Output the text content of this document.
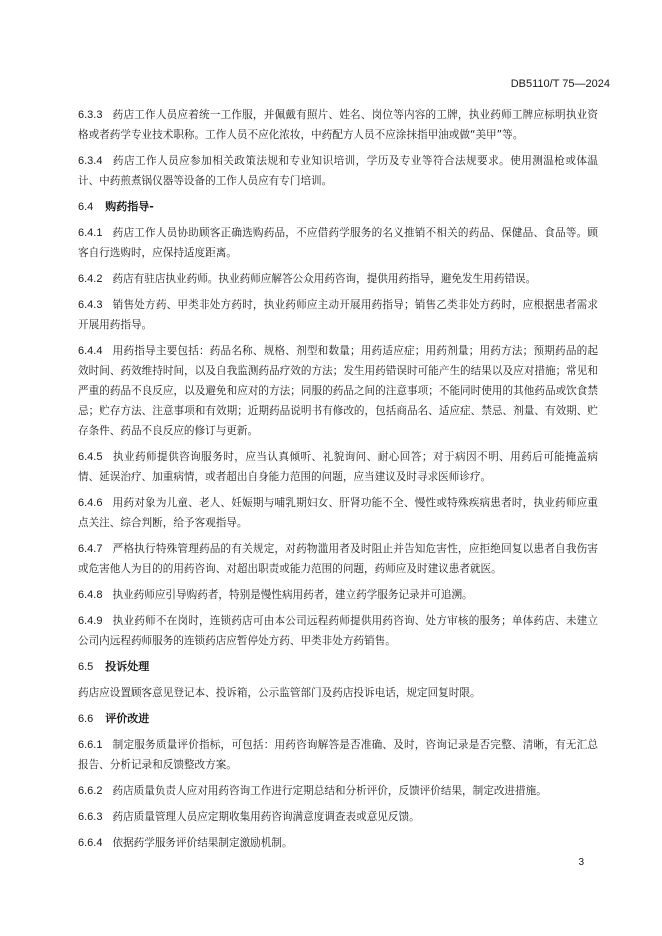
DB5110/T 75—2024

6.3.3 药店工作人员应着统一工作服，并佩戴有照片、姓名、岗位等内容的工牌，执业药师工牌应标明执业资格或者药学专业技术职称。工作人员不应化浓妆，中药配方人员不应涂抹指甲油或做“美甲”等。

6.3.4 药店工作人员应参加相关政策法规和专业知识培训，学历及专业等符合法规要求。使用测温枪或体温计、中药煎煮锅仪器等设备的工作人员应有专门培训。

6.4 购药指导-

6.4.1 药店工作人员协助顾客正确选购药品，不应借药学服务的名义推销不相关的药品、保健品、食品等。顾客自行选购时，应保持适度距离。

6.4.2 药店有驻店执业药师。执业药师应解答公众用药咨询，提供用药指导，避免发生用药错误。

6.4.3 销售处方药、甲类非处方药时，执业药师应主动开展用药指导；销售乙类非处方药时，应根据患者需求开展用药指导。

6.4.4 用药指导主要包括：药品名称、规格、剂型和数量；用药适应症；用药剂量；用药方法；预期药品的起效时间、药效维持时间，以及自我监测药品疗效的方法；发生用药错误时可能产生的结果以及应对措施；常见和严重的药品不良反应，以及避免和应对的方法；同服的药品之间的注意事项；不能同时使用的其他药品或饮食禁忌；贮存方法、注意事项和有效期；近期药品说明书有修改的，包括商品名、适应症、禁忌、剂量、有效期、贮存条件、药品不良反应的修订与更新。

6.4.5 执业药师提供咨询服务时，应当认真倾听、礼貌询问、耐心回答；对于病因不明、用药后可能掩盖病情、延误治疗、加重病情，或者超出自身能力范围的问题，应当建议及时寻求医师诊疗。

6.4.6 用药对象为儿童、老人、妊娠期与哺乳期妇女、肝肾功能不全、慢性或特殊疾病患者时，执业药师应重点关注、综合判断，给予客观指导。

6.4.7 严格执行特殊管理药品的有关规定，对药物滥用者及时阻止并告知危害性，应拒绝回复以患者自我伤害或危害他人为目的的用药咨询、对超出职责或能力范围的问题，药师应及时建议患者就医。

6.4.8 执业药师应引导购药者，特别是慢性病用药者，建立药学服务记录并可追溯。

6.4.9 执业药师不在岗时，连锁药店可由本公司远程药师提供用药咨询、处方审核的服务；单体药店、未建立公司内远程药师服务的连锁药店应暂停处方药、甲类非处方药销售。

6.5 投诉处理

药店应设置顾客意见登记本、投诉箱，公示监管部门及药店投诉电话，规定回复时限。

6.6 评价改进

6.6.1 制定服务质量评价指标，可包括：用药咨询解答是否准确、及时，咨询记录是否完整、清晰，有无汇总报告、分析记录和反馈整改方案。

6.6.2 药店质量负责人应对用药咨询工作进行定期总结和分析评价，反馈评价结果，制定改进措施。

6.6.3 药店质量管理人员应定期收集用药咨询满意度调查表或意见反馈。

6.6.4 依据药学服务评价结果制定激励机制。

3
